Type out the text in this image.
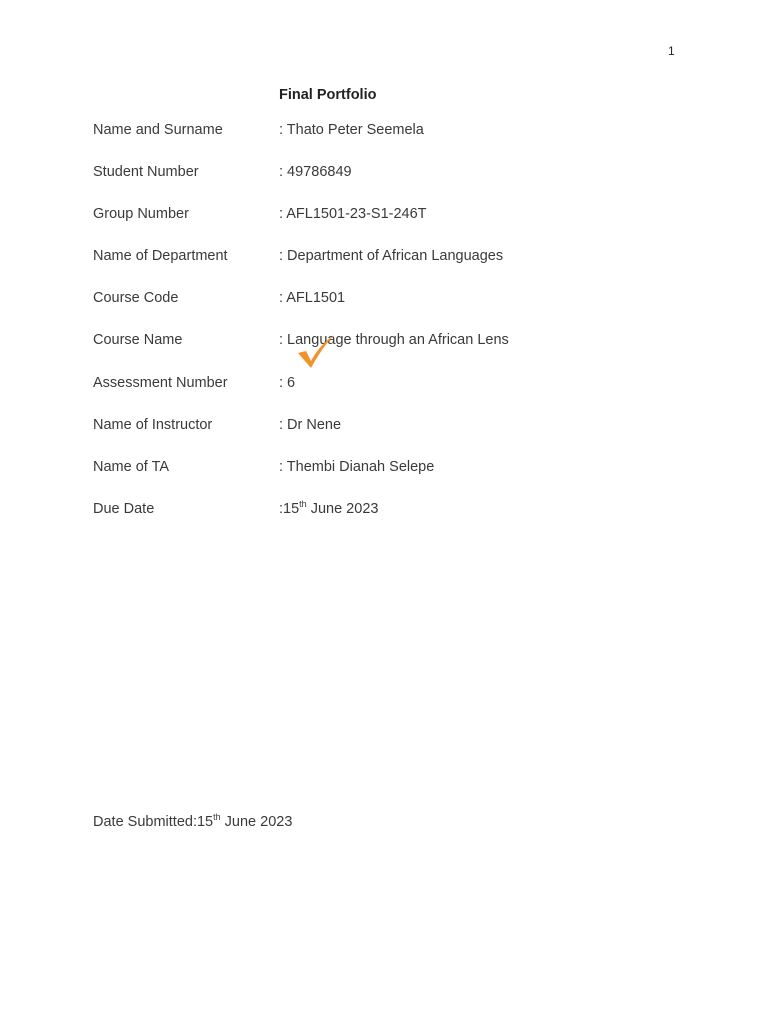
1
Final Portfolio
Name and Surname	: Thato Peter Seemela
Student Number	: 49786849
Group Number	: AFL1501-23-S1-246T
Name of Department	: Department of African Languages
Course Code	: AFL1501
Course Name	: Language through an African Lens
Assessment Number	: 6
Name of Instructor	: Dr Nene
Name of TA	: Thembi Dianah Selepe
Due Date	:15th June 2023
Date Submitted:15th June 2023
